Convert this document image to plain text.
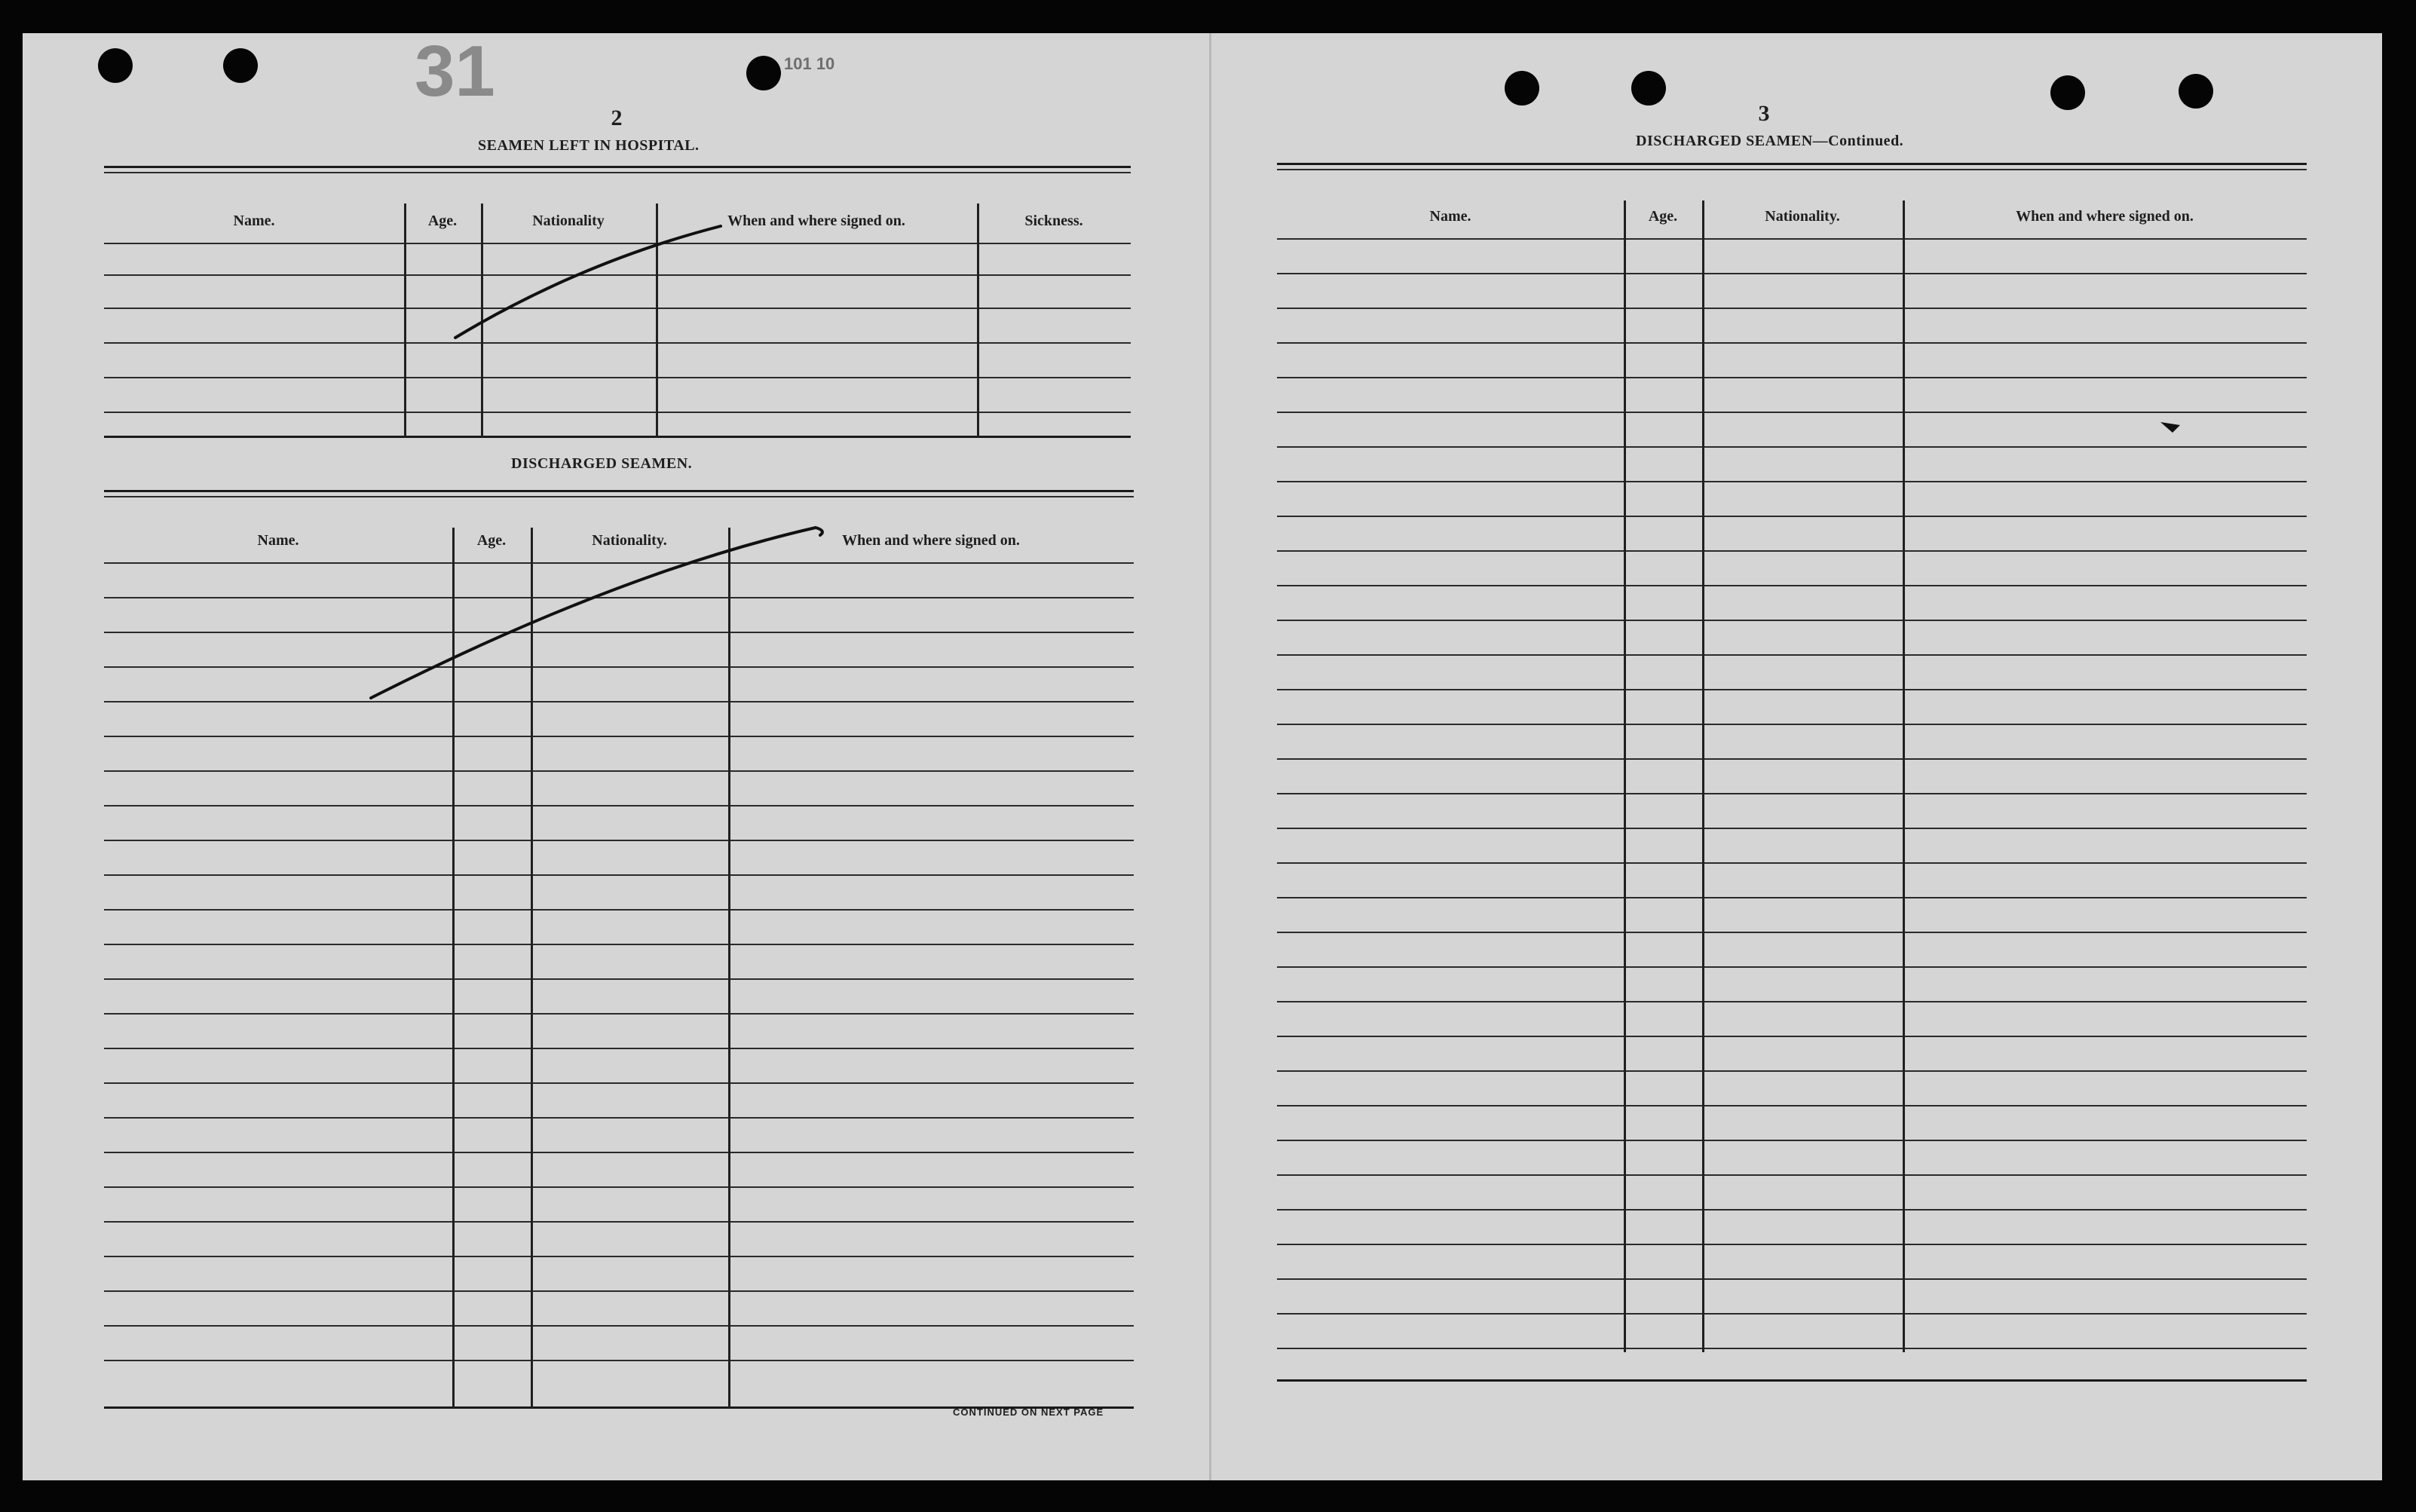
31	101 10
2
SEAMEN LEFT IN HOSPITAL.
Name.	Age.	Nationality	When and where signed on.	Sickness.
DISCHARGED SEAMEN.
Name.	Age.	Nationality.	When and where signed on.
CONTINUED ON NEXT PAGE
3
DISCHARGED SEAMEN—Continued.
Name.	Age.	Nationality.	When and where signed on.
